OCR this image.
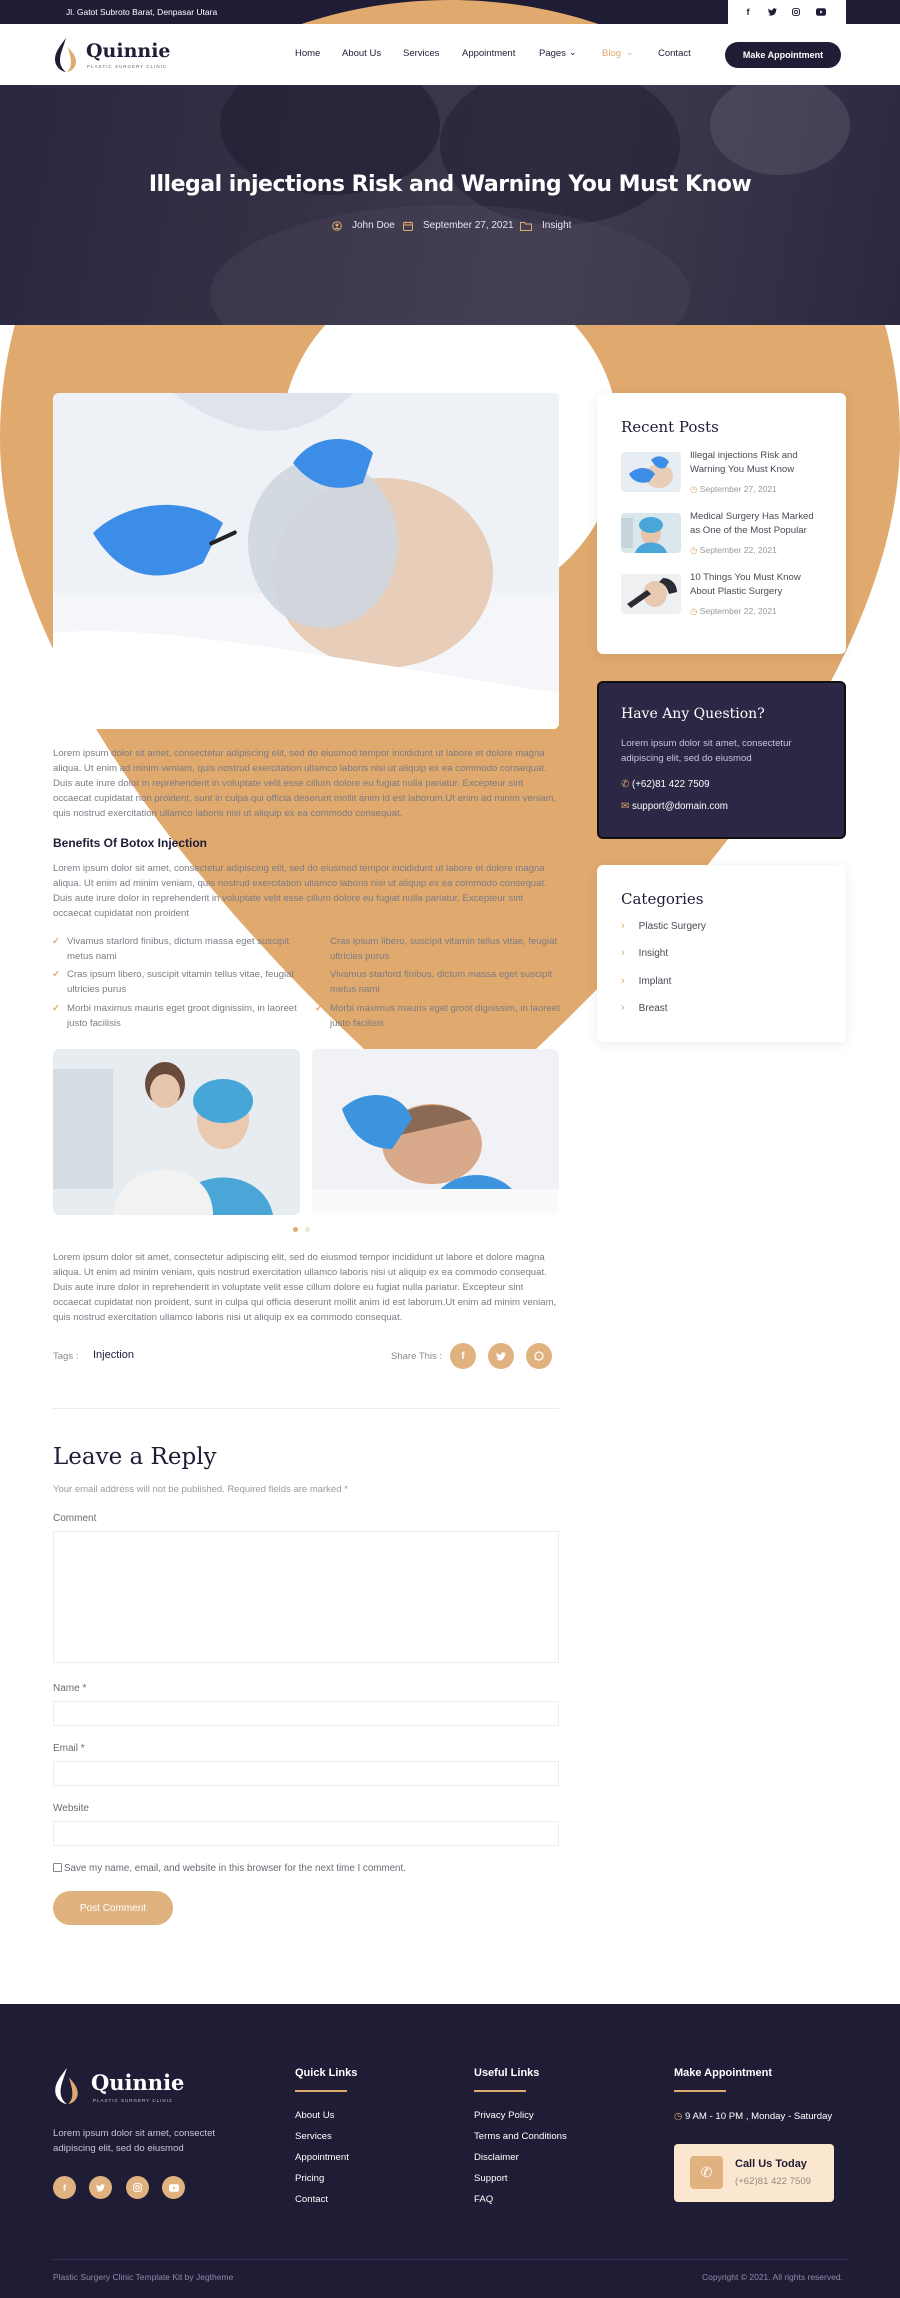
Jl. Gatot Subroto Barat, Denpasar Utara	f
Quinnie
PLASTIC SURGERY CLINIC
Home About Us Services Appointment Pages ⌄	Blog ⌄	Contact	Make Appointment
Illegal injections Risk and Warning You Must Know
John Doe	September 27, 2021	Insight

Lorem ipsum dolor sit amet, consectetur adipiscing elit, sed do eiusmod tempor incididunt ut labore et dolore magna aliqua. Ut enim ad minim veniam, quis nostrud exercitation ullamco laboris nisi ut aliquip ex ea commodo consequat. Duis aute irure dolor in reprehenderit in voluptate velit esse cillum dolore eu fugiat nulla pariatur. Excepteur sint occaecat cupidatat non proident, sunt in culpa qui officia deserunt mollit anim id est laborum.Ut enim ad minim veniam, quis nostrud exercitation ullamco laboris nisi ut aliquip ex ea commodo consequat.

Benefits Of Botox Injection

Lorem ipsum dolor sit amet, consectetur adipiscing elit, sed do eiusmod tempor incididunt ut labore et dolore magna aliqua. Ut enim ad minim veniam, quis nostrud exercitation ullamco laboris nisi ut aliquip ex ea commodo consequat. Duis aute irure dolor in reprehenderit in voluptate velit esse cillum dolore eu fugiat nulla pariatur. Excepteur sint occaecat cupidatat non proident

✓ Vivamus starlord finibus, dictum massa eget suscipit metus nami
✓ Cras ipsum libero, suscipit vitamin tellus vitae, feugiat ultricies purus
✓ Morbi maximus mauris eget groot dignissim, in laoreet justo facilisis
✓ Cras ipsum libero, suscipit vitamin tellus vitae, feugiat ultricies purus
✓ Vivamus starlord finibus, dictum massa eget suscipit metus nami
✓ Morbi maximus mauris eget groot dignissim, in laoreet justo facilisis

Lorem ipsum dolor sit amet, consectetur adipiscing elit, sed do eiusmod tempor incididunt ut labore et dolore magna aliqua. Ut enim ad minim veniam, quis nostrud exercitation ullamco laboris nisi ut aliquip ex ea commodo consequat. Duis aute irure dolor in reprehenderit in voluptate velit esse cillum dolore eu fugiat nulla pariatur. Excepteur sint occaecat cupidatat non proident, sunt in culpa qui officia deserunt mollit anim id est laborum.Ut enim ad minim veniam, quis nostrud exercitation ullamco laboris nisi ut aliquip ex ea commodo consequat.

Tags : Injection	Share This :	f
Leave a Reply
Your email address will not be published. Required fields are marked *
Comment
Name *
Email *
Website
Save my name, email, and website in this browser for the next time I comment.
Post Comment
Recent Posts
Illegal injections Risk and Warning You Must Know
◷ September 27, 2021
Medical Surgery Has Marked as One of the Most Popular
◷ September 22, 2021
10 Things You Must Know About Plastic Surgery
◷ September 22, 2021
Have Any Question?
Lorem ipsum dolor sit amet, consectetur adipiscing elit, sed do eiusmod
✆ (+62)81 422 7509
✉ support@domain.com
Categories
› Plastic Surgery
› Insight
› Implant
› Breast
Quinnie
PLASTIC SURGERY CLINIC
Lorem ipsum dolor sit amet, consectet adipiscing elit, sed do eiusmod
f
Quick Links
About Us
Services
Appointment
Pricing
Contact
Useful Links
Privacy Policy
Terms and Conditions
Disclaimer
Support
FAQ
Make Appointment
◷ 9 AM - 10 PM , Monday - Saturday
✆	Call Us Today
(+62)81 422 7509
Plastic Surgery Clinic Template Kit by Jegtheme	Copyright © 2021. All rights reserved.
